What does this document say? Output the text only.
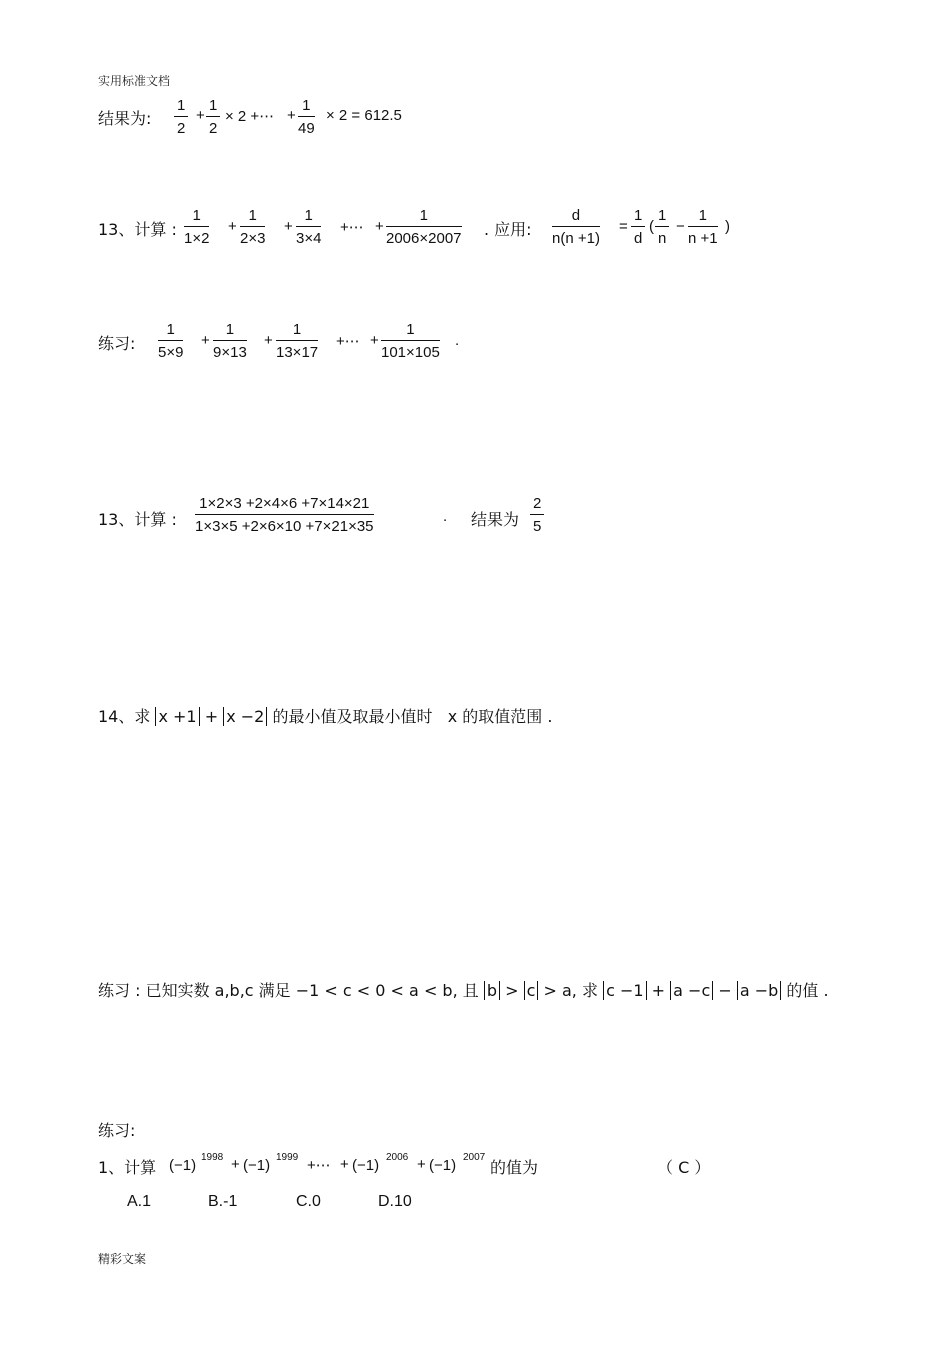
实用标准文档
结果为: $\frac{1}{2} + \frac{1}{2} \times 2$ +⋯ + $\frac{1}{49} \times 2 = 612.5$
13、计算 : $\frac{1}{1\times 2} + \frac{1}{2\times 3} + \frac{1}{3\times 4}$ +⋯ + $\frac{1}{2006\times 2007}$ . 应用: $\frac{d}{n(n +1)} = \frac{1}{d}$ ( $\frac{1}{n} - \frac{1}{n +1}$ )
练习: $\frac{1}{5\times 9} + \frac{1}{9\times 13} + \frac{1}{13\times 17}$ +⋯ + $\frac{1}{101\times 105}$ .
13、计算 : $\frac{1\times 2\times 3 +2\times 4\times 6 +7\times 14\times 21}{1\times 3\times 5 +2\times 6\times 10 +7\times 21\times 35}$	. 结果为 $\frac{2}{5}$
14、求 x +1 + x −2 的最小值及取最小值时 x 的取值范围 .
练习 : 已知实数 a,b,c 满足 −1 < c < 0 < a < b, 且 b > c > a, 求 c −1 + a −c − a −b 的值 .
练习:
1、计算 (−1) 1998 + (−1) 1999 +⋯ + (−1) 2006 + (−1) 2007
的值为	（ C ）
A.1	B.-1	C.0	D.10
精彩文案
